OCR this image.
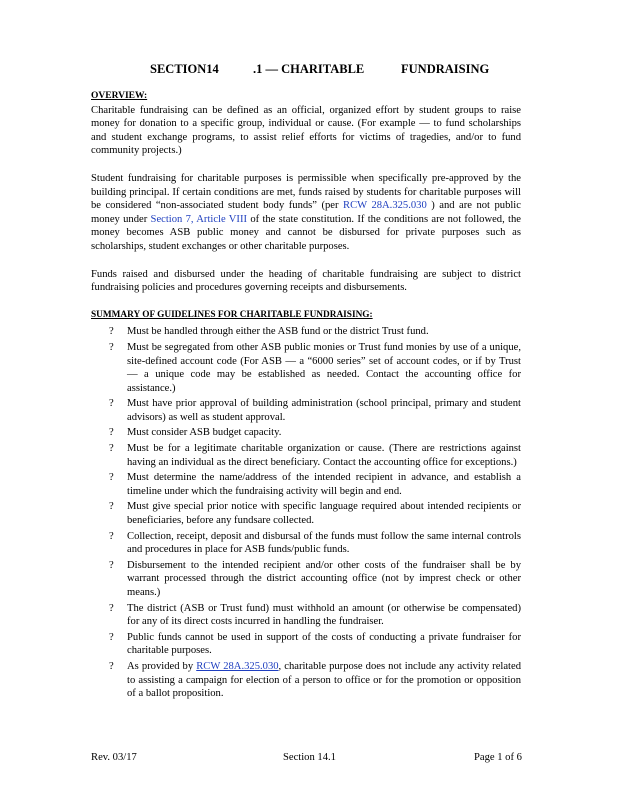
SECTION14	.1 — CHARITABLE	FUNDRAISING
OVERVIEW:

Charitable fundraising can be defined as an official, organized effort by student groups to raise money for donation to a specific group, individual or cause. (For example — to fund scholarships and student exchange programs, to assist relief efforts for victims of tragedies, and/or to fund community projects.)

Student fundraising for charitable purposes is permissible when specifically pre-approved by the building principal. If certain conditions are met, funds raised by students for charitable purposes will be considered “non-associated student body funds” (per RCW 28A.325.030 ) and are not public money under Section 7, Article VIII of the state constitution. If the conditions are not followed, the money becomes ASB public money and cannot be disbursed for private purposes such as scholarships, student exchanges or other charitable purposes.

Funds raised and disbursed under the heading of charitable fundraising are subject to district fundraising policies and procedures governing receipts and disbursements.

SUMMARY OF GUIDELINES FOR CHARITABLE FUNDRAISING:
?	Must be handled through either the ASB fund or the district Trust fund.
?	Must be segregated from other ASB public monies or Trust fund monies by use of a unique, site-defined account code (For ASB — a “6000 series” set of account codes, or if by Trust — a unique code may be established as needed. Contact the accounting office for assistance.)
?	Must have prior approval of building administration (school principal, primary and student advisors) as well as student approval.
?	Must consider ASB budget capacity.
?	Must be for a legitimate charitable organization or cause. (There are restrictions against having an individual as the direct beneficiary. Contact the accounting office for exceptions.)
?	Must determine the name/address of the intended recipient in advance, and establish a timeline under which the fundraising activity will begin and end.
?	Must give special prior notice with specific language required about intended recipients or beneficiaries, before any fundsare collected.
?	Collection, receipt, deposit and disbursal of the funds must follow the same internal controls and procedures in place for ASB funds/public funds.
?	Disbursement to the intended recipient and/or other costs of the fundraiser shall be by warrant processed through the district accounting office (not by imprest check or other means.)
?	The district (ASB or Trust fund) must withhold an amount (or otherwise be compensated) for any of its direct costs incurred in handling the fundraiser.
?	Public funds cannot be used in support of the costs of conducting a private fundraiser for charitable purposes.
?	As provided by RCW 28A.325.030, charitable purpose does not include any activity related to assisting a campaign for election of a person to office or for the promotion or opposition of a ballot proposition.
Rev. 03/17	Section 14.1	Page 1 of 6
